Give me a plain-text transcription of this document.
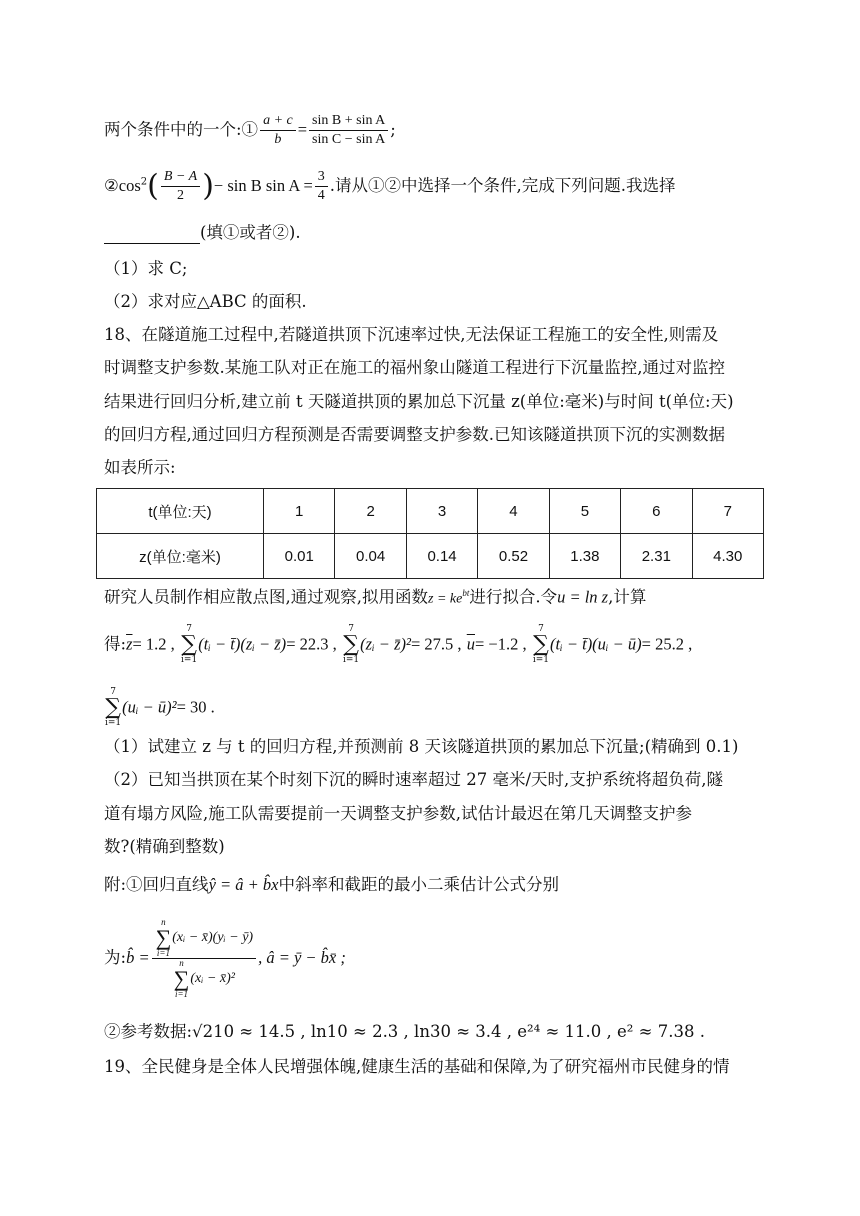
两个条件中的一个:① $\frac{a + c}{b} = \frac{\text{sin B + sin A}}{\text{sin C − sin A}}$ ;
$②\cos^2( \frac{B - A}{2}$ )− sin B $\sin A = \frac{3}{4}$ .请从①②中选择一个条件,完成下列问题.我选择
(填①或者②).
（1）求 C;
（2）求对应△ABC 的面积.
18、在隧道施工过程中,若隧道拱顶下沉速率过快,无法保证工程施工的安全性,则需及
时调整支护参数.某施工队对正在施工的福州象山隧道工程进行下沉量监控,通过对监控
结果进行回归分析,建立前 t 天隧道拱顶的累加总下沉量 z(单位:毫米)与时间 t(单位:天)
的回归方程,通过回归方程预测是否需要调整支护参数.已知该隧道拱顶下沉的实测数据
如表所示:
t(单位:天)	1	2	3	4	5	6	7
z(单位:毫米)	0.01	0.04	0.14	0.52	1.38	2.31	4.30
研究人员制作相应散点图,通过观察,拟用函数$z = ke^{bt}$进行拟合.令u = ln z,计算
得$:\overline{z}= 1.2$ ,
7
∑
i=1
(tᵢ − t̄)(zᵢ − z̄)= 22.3 ,
7
∑
i=1
(zᵢ − z̄)²= 27.5 , $\overline{u}= -1.2$ ,
7
∑
i=1
(tᵢ − t̄)(uᵢ − ū)= 25.2 ,
7
∑
i=1
(uᵢ − ū)²= 30 .
（1）试建立 z 与 t 的回归方程,并预测前 8 天该隧道拱顶的累加总下沉量;(精确到 0.1)
（2）已知当拱顶在某个时刻下沉的瞬时速率超过 27 毫米/天时,支护系统将超负荷,隧
道有塌方风险,施工队需要提前一天调整支护参数,试估计最迟在第几天调整支护参
数?(精确到整数)
附:①回归直线ŷ = â + b̂x中斜率和截距的最小二乘估计公式分别
为:b̂ = n
∑
i=1
(xᵢ − x̄)(yᵢ − ȳ)
n
∑
i=1
(xᵢ − x̄)² , â = ȳ − b̂x̄ ;
②参考数据:√210 ≈ 14.5 , ln10 ≈ 2.3 , ln30 ≈ 3.4 , e²⁴ ≈ 11.0 , e² ≈ 7.38 .
19、全民健身是全体人民增强体魄,健康生活的基础和保障,为了研究福州市民健身的情
